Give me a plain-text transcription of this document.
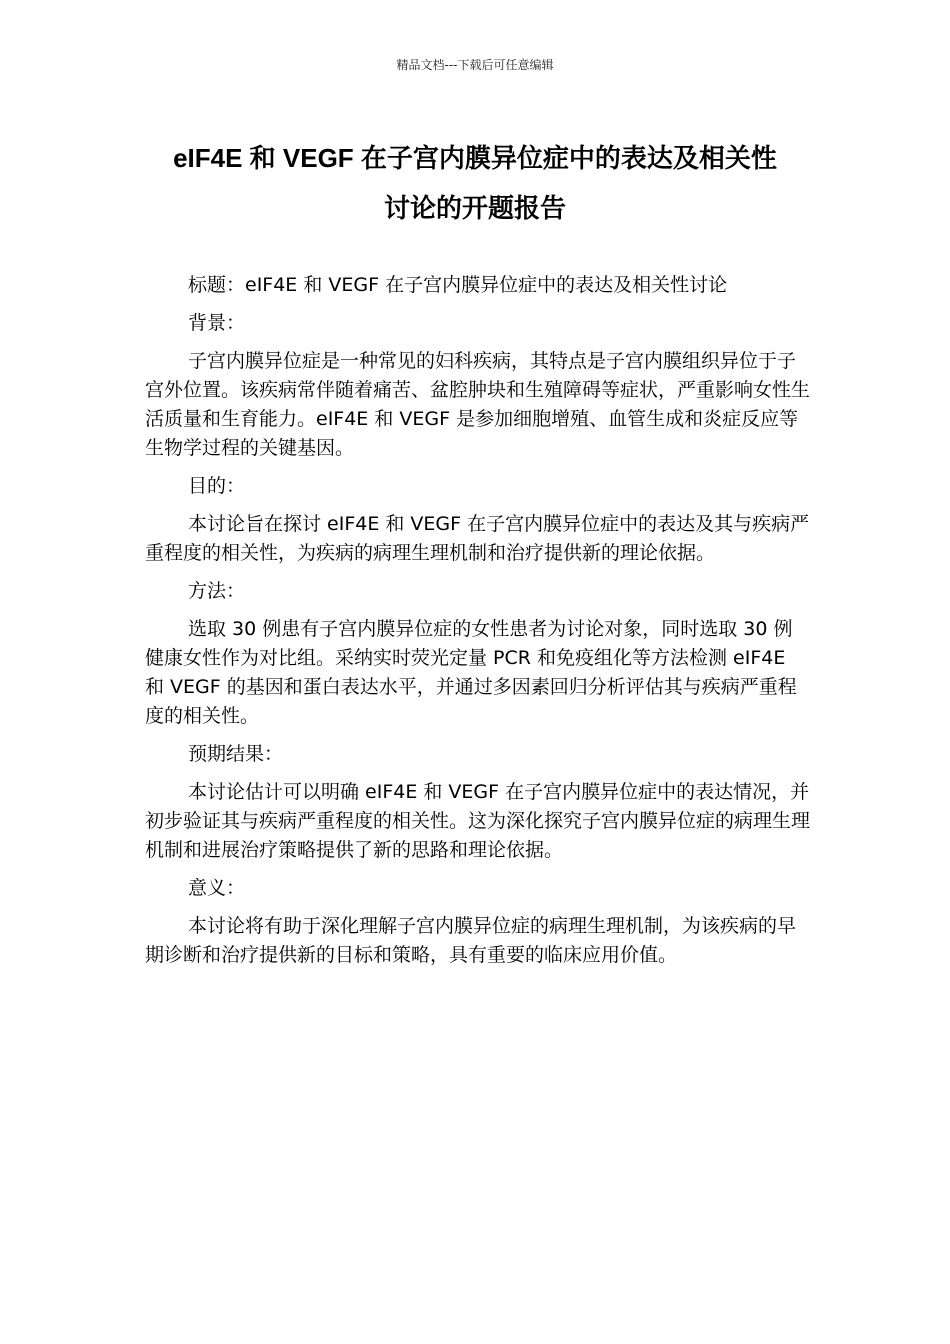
精品文档---下载后可任意编辑
eIF4E 和 VEGF 在子宫内膜异位症中的表达及相关性
讨论的开题报告

标题：eIF4E 和 VEGF 在子宫内膜异位症中的表达及相关性讨论

背景：

子宫内膜异位症是一种常见的妇科疾病，其特点是子宫内膜组织异位于子宫外位置。该疾病常伴随着痛苦、盆腔肿块和生殖障碍等症状，严重影响女性生活质量和生育能力。eIF4E 和 VEGF 是参加细胞增殖、血管生成和炎症反应等生物学过程的关键基因。

目的：

本讨论旨在探讨 eIF4E 和 VEGF 在子宫内膜异位症中的表达及其与疾病严重程度的相关性，为疾病的病理生理机制和治疗提供新的理论依据。

方法：

选取 30 例患有子宫内膜异位症的女性患者为讨论对象，同时选取 30 例健康女性作为对比组。采纳实时荧光定量 PCR 和免疫组化等方法检测 eIF4E 和 VEGF 的基因和蛋白表达水平，并通过多因素回归分析评估其与疾病严重程度的相关性。

预期结果：

本讨论估计可以明确 eIF4E 和 VEGF 在子宫内膜异位症中的表达情况，并初步验证其与疾病严重程度的相关性。这为深化探究子宫内膜异位症的病理生理机制和进展治疗策略提供了新的思路和理论依据。

意义：

本讨论将有助于深化理解子宫内膜异位症的病理生理机制，为该疾病的早期诊断和治疗提供新的目标和策略，具有重要的临床应用价值。
